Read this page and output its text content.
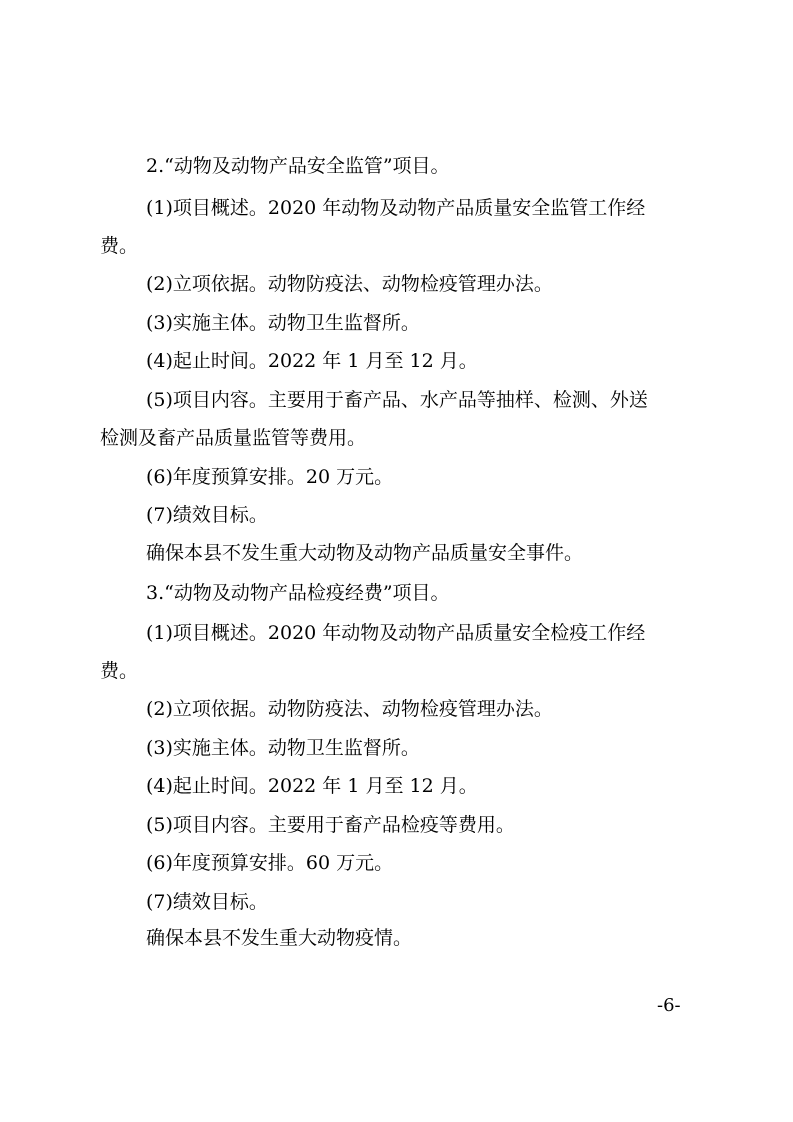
2.“动物及动物产品安全监管”项目。
(1)项目概述。2020 年动物及动物产品质量安全监管工作经
费。
(2)立项依据。动物防疫法、动物检疫管理办法。
(3)实施主体。动物卫生监督所。
(4)起止时间。2022 年 1 月至 12 月。
(5)项目内容。主要用于畜产品、水产品等抽样、检测、外送
检测及畜产品质量监管等费用。
(6)年度预算安排。20 万元。
(7)绩效目标。
确保本县不发生重大动物及动物产品质量安全事件。
3.“动物及动物产品检疫经费”项目。
(1)项目概述。2020 年动物及动物产品质量安全检疫工作经
费。
(2)立项依据。动物防疫法、动物检疫管理办法。
(3)实施主体。动物卫生监督所。
(4)起止时间。2022 年 1 月至 12 月。
(5)项目内容。主要用于畜产品检疫等费用。
(6)年度预算安排。60 万元。
(7)绩效目标。
确保本县不发生重大动物疫情。
-6-
